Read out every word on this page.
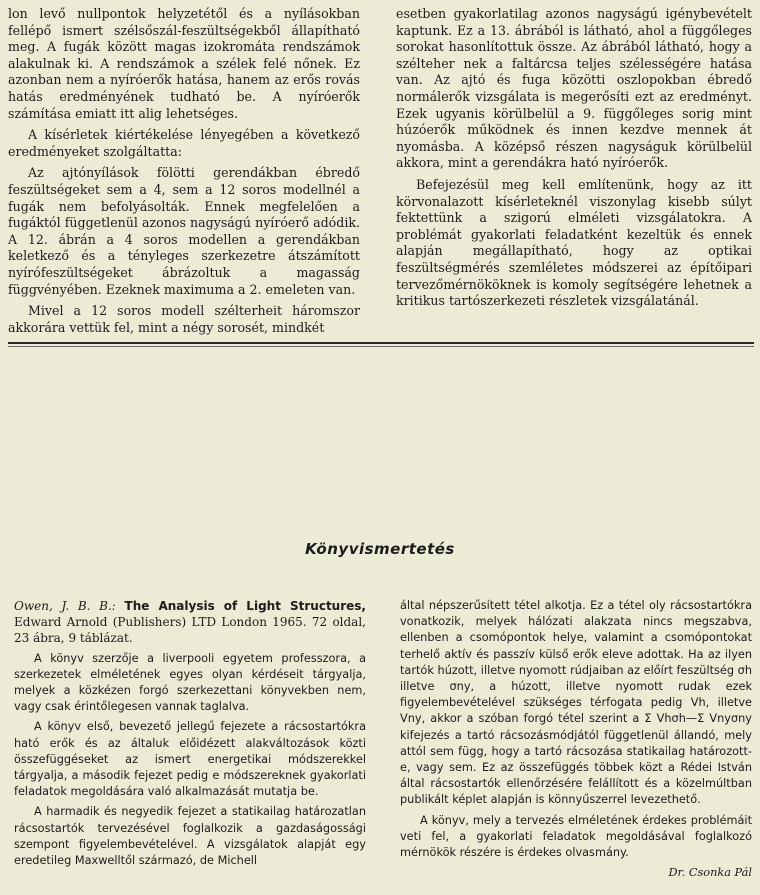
lon levő nullpontok helyzetétől és a nyílásokban fellépő ismert szélsőszál-feszültségekből állapítható meg. A fugák között magas izokromáta rendszámok alakulnak ki. A rendszámok a szélek felé nőnek. Ez azonban nem a nyíróerők hatása, hanem az erős rovás hatás eredményének tudható be. A nyíróerők számítása emiatt itt alig lehetséges.

A kísérletek kiértékelése lényegében a következő eredményeket szolgáltatta:

Az ajtónyílások fölötti gerendákban ébredő feszültségeket sem a 4, sem a 12 soros modellnél a fugák nem befolyásolták. Ennek megfelelően a fugáktól függetlenül azonos nagyságú nyíróerő adódik. A 12. ábrán a 4 soros modellen a gerendákban keletkező és a tényleges szerkezetre átszámított nyírófeszültségeket ábrázoltuk a magasság függvényében. Ezeknek maximuma a 2. emeleten van.

Mivel a 12 soros modell szélterheit háromszor akkorára vettük fel, mint a négy sorosét, mindkét

esetben gyakorlatilag azonos nagyságú igénybevételt kaptunk. Ez a 13. ábrából is látható, ahol a függőleges sorokat hasonlítottuk össze. Az ábrából látható, hogy a szélteher nek a faltárcsa teljes szélességére hatása van. Az ajtó és fuga közötti oszlopokban ébredő normálerők vizsgálata is megerősíti ezt az eredményt. Ezek ugyanis körülbelül a 9. függőleges sorig mint húzóerők működnek és innen kezdve mennek át nyomásba. A középső részen nagyságuk körülbelül akkora, mint a gerendákra ható nyíróerők.

Befejezésül meg kell említenünk, hogy az itt körvonalazott kísérleteknél viszonylag kisebb súlyt fektettünk a szigorú elméleti vizsgálatokra. A problémát gyakorlati feladatként kezeltük és ennek alapján megállapítható, hogy az optikai feszültségmérés szemléletes módszerei az építőipari tervezőmérnököknek is komoly segítségére lehetnek a kritikus tartószerkezeti részletek vizsgálatánál.

Könyvismertetés

Owen, J. B. B.: The Analysis of Light Structures, Edward Arnold (Publishers) LTD London 1965. 72 oldal, 23 ábra, 9 táblázat.

A könyv szerzője a liverpooli egyetem professzora, a szerkezetek elméletének egyes olyan kérdéseit tárgyalja, melyek a közkézen forgó szerkezettani könyvekben nem, vagy csak érintőlegesen vannak taglalva.

A könyv első, bevezető jellegű fejezete a rácsostartókra ható erők és az általuk előidézett alakváltozások közti összefüggéseket az ismert energetikai módszerekkel tárgyalja, a második fejezet pedig e módszereknek gyakorlati feladatok megoldására való alkalmazását mutatja be.

A harmadik és negyedik fejezet a statikailag határozatlan rácsostartók tervezésével foglalkozik a gazdaságossági szempont figyelembevételével. A vizsgálatok alapját egy eredetileg Maxwelltől származó, de Michell

által népszerűsített tétel alkotja. Ez a tétel oly rácsostartókra vonatkozik, melyek hálózati alakzata nincs megszabva, ellenben a csomópontok helye, valamint a csomópontokat terhelő aktív és passzív külső erők eleve adottak. Ha az ilyen tartók húzott, illetve nyomott rúdjaiban az előírt feszültség σh illetve σny, a húzott, illetve nyomott rudak ezek figyelembevételével szükséges térfogata pedig Vh, illetve Vny, akkor a szóban forgó tétel szerint a Σ Vhσh—Σ Vnyσny kifejezés a tartó rácsozásmódjától függetlenül állandó, mely attól sem függ, hogy a tartó rácsozása statikailag határozott-e, vagy sem. Ez az összefüggés többek közt a Rédei István által rácsostartók ellenőrzésére felállított és a közelmúltban publikált képlet alapján is könnyűszerrel levezethető.

A könyv, mely a tervezés elméletének érdekes problémáit veti fel, a gyakorlati feladatok megoldásával foglalkozó mérnökök részére is érdekes olvasmány.

Dr. Csonka Pál
